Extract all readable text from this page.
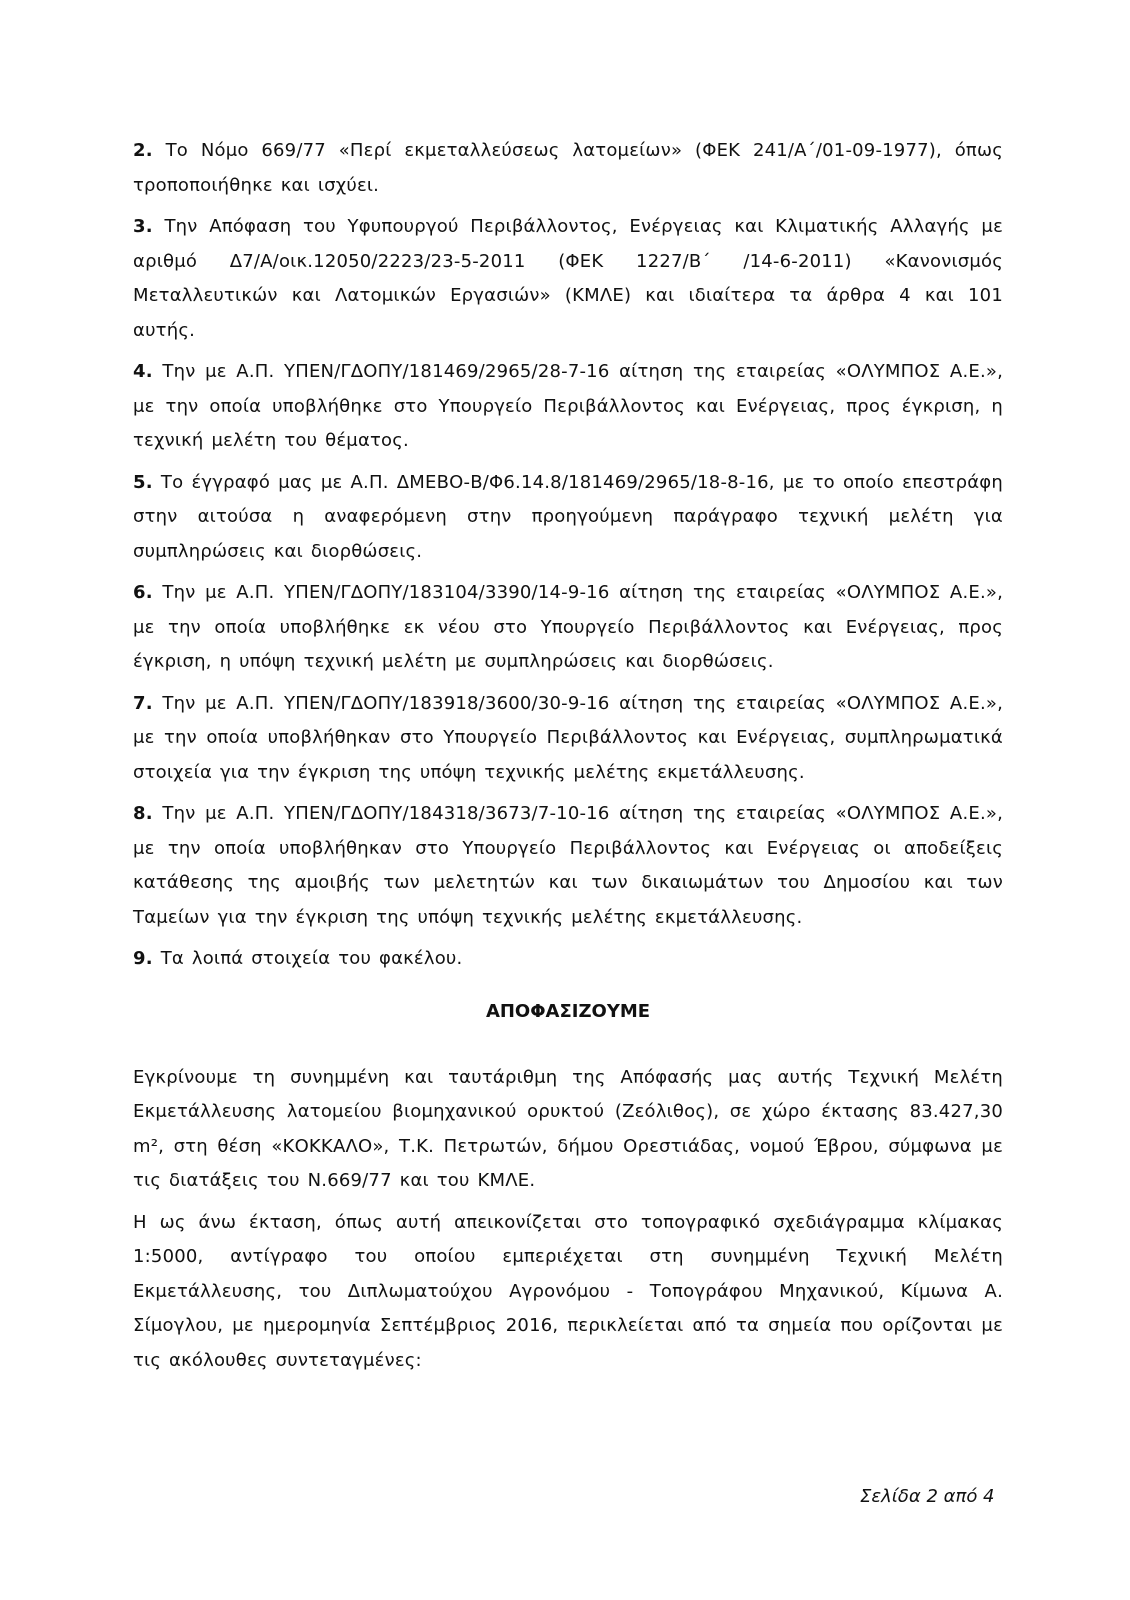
2. Το Νόμο 669/77 «Περί εκμεταλλεύσεως λατομείων» (ΦΕΚ 241/Α΄/01-09-1977), όπως τροποποιήθηκε και ισχύει.

3. Την Απόφαση του Υφυπουργού Περιβάλλοντος, Ενέργειας και Κλιματικής Αλλαγής με αριθμό Δ7/Α/οικ.12050/2223/23-5-2011 (ΦΕΚ 1227/Β΄ /14-6-2011) «Κανονισμός Μεταλλευτικών και Λατομικών Εργασιών» (ΚΜΛΕ) και ιδιαίτερα τα άρθρα 4 και 101 αυτής.

4. Την με Α.Π. ΥΠΕΝ/ΓΔΟΠΥ/181469/2965/28-7-16 αίτηση της εταιρείας «ΟΛΥΜΠΟΣ Α.Ε.», με την οποία υποβλήθηκε στο Υπουργείο Περιβάλλοντος και Ενέργειας, προς έγκριση, η τεχνική μελέτη του θέματος.

5. Το έγγραφό μας με Α.Π. ΔΜΕΒΟ-Β/Φ6.14.8/181469/2965/18-8-16, με το οποίο επεστράφη στην αιτούσα η αναφερόμενη στην προηγούμενη παράγραφο τεχνική μελέτη για συμπληρώσεις και διορθώσεις.

6. Την με Α.Π. ΥΠΕΝ/ΓΔΟΠΥ/183104/3390/14-9-16 αίτηση της εταιρείας «ΟΛΥΜΠΟΣ Α.Ε.», με την οποία υποβλήθηκε εκ νέου στο Υπουργείο Περιβάλλοντος και Ενέργειας, προς έγκριση, η υπόψη τεχνική μελέτη με συμπληρώσεις και διορθώσεις.

7. Την με Α.Π. ΥΠΕΝ/ΓΔΟΠΥ/183918/3600/30-9-16 αίτηση της εταιρείας «ΟΛΥΜΠΟΣ Α.Ε.», με την οποία υποβλήθηκαν στο Υπουργείο Περιβάλλοντος και Ενέργειας, συμπληρωματικά στοιχεία για την έγκριση της υπόψη τεχνικής μελέτης εκμετάλλευσης.

8. Την με Α.Π. ΥΠΕΝ/ΓΔΟΠΥ/184318/3673/7-10-16 αίτηση της εταιρείας «ΟΛΥΜΠΟΣ Α.Ε.», με την οποία υποβλήθηκαν στο Υπουργείο Περιβάλλοντος και Ενέργειας οι αποδείξεις κατάθεσης της αμοιβής των μελετητών και των δικαιωμάτων του Δημοσίου και των Ταμείων για την έγκριση της υπόψη τεχνικής μελέτης εκμετάλλευσης.

9. Τα λοιπά στοιχεία του φακέλου.

ΑΠΟΦΑΣΙΖΟΥΜΕ

Εγκρίνουμε τη συνημμένη και ταυτάριθμη της Απόφασής μας αυτής Τεχνική Μελέτη Εκμετάλλευσης λατομείου βιομηχανικού ορυκτού (Ζεόλιθος), σε χώρο έκτασης 83.427,30 m², στη θέση «ΚΟΚΚΑΛΟ», Τ.Κ. Πετρωτών, δήμου Ορεστιάδας, νομού Έβρου, σύμφωνα με τις διατάξεις του Ν.669/77 και του ΚΜΛΕ.

Η ως άνω έκταση, όπως αυτή απεικονίζεται στο τοπογραφικό σχεδιάγραμμα κλίμακας 1:5000, αντίγραφο του οποίου εμπεριέχεται στη συνημμένη Τεχνική Μελέτη Εκμετάλλευσης, του Διπλωματούχου Αγρονόμου - Τοπογράφου Μηχανικού, Κίμωνα Α. Σίμογλου, με ημερομηνία Σεπτέμβριος 2016, περικλείεται από τα σημεία που ορίζονται με τις ακόλουθες συντεταγμένες:

Σελίδα 2 από 4
